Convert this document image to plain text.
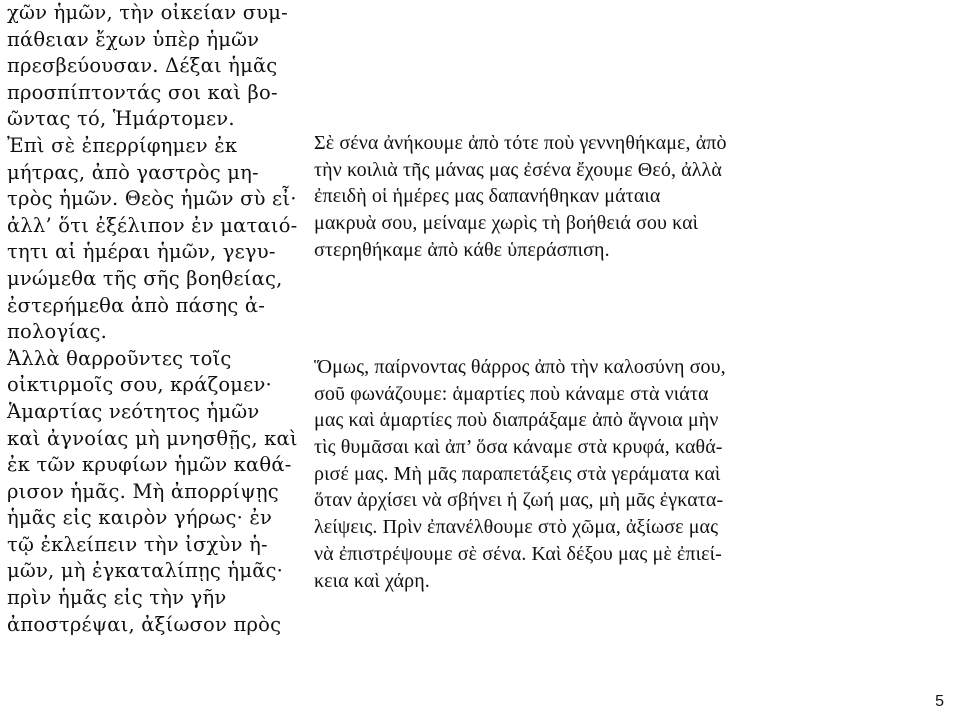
χῶν ἡμῶν, τὴν οἰκείαν συμ-
πάθειαν ἔχων ὑπὲρ ἡμῶν
πρεσβεύουσαν. Δέξαι ἡμᾶς
προσπίπτοντάς σοι καὶ βο-
ῶντας τό, Ἡμάρτομεν.
Ἐπὶ σὲ ἐπερρίφημεν ἐκ
μήτρας, ἀπὸ γαστρὸς μη-
τρὸς ἡμῶν. Θεὸς ἡμῶν σὺ εἶ·
ἀλλ’ ὅτι ἐξέλιπον ἐν ματαιό-
τητι αἱ ἡμέραι ἡμῶν, γεγυ-
μνώμεθα τῆς σῆς βοηθείας,
ἐστερήμεθα ἀπὸ πάσης ἀ-
πολογίας.
Ἀλλὰ θαρροῦντες τοῖς
οἰκτιρμοῖς σου, κράζομεν·
Ἁμαρτίας νεότητος ἡμῶν
καὶ ἀγνοίας μὴ μνησθῇς, καὶ
ἐκ τῶν κρυφίων ἡμῶν καθά-
ρισον ἡμᾶς. Μὴ ἀπορρίψῃς
ἡμᾶς εἰς καιρὸν γήρως· ἐν
τῷ ἐκλείπειν τὴν ἰσχὺν ἡ-
μῶν, μὴ ἐγκαταλίπῃς ἡμᾶς·
πρὶν ἡμᾶς εἰς τὴν γῆν
ἀποστρέψαι, ἀξίωσον πρὸς
Σὲ σένα ἀνήκουμε ἀπὸ τότε ποὺ γεννηθήκαμε, ἀπὸ
τὴν κοιλιὰ τῆς μάνας μας ἐσένα ἔχουμε Θεό, ἀλλὰ
ἐπειδὴ οἱ ἡμέρες μας δαπανήθηκαν μάταια
μακρυὰ σου, μείναμε χωρὶς τὴ βοήθειά σου καὶ
στερηθήκαμε ἀπὸ κάθε ὑπεράσπιση.
Ὅμως, παίρνοντας θάρρος ἀπὸ τὴν καλοσύνη σου,
σοῦ φωνάζουμε: ἁμαρτίες ποὺ κάναμε στὰ νιάτα
μας καὶ ἁμαρτίες ποὺ διαπράξαμε ἀπὸ ἄγνοια μὴν
τὶς θυμᾶσαι καὶ ἀπ’ ὅσα κάναμε στὰ κρυφά, καθά-
ρισέ μας. Μὴ μᾶς παραπετάξεις στὰ γεράματα καὶ
ὅταν ἀρχίσει νὰ σβήνει ἡ ζωή μας, μὴ μᾶς ἐγκατα-
λείψεις. Πρὶν ἐπανέλθουμε στὸ χῶμα, ἀξίωσε μας
νὰ ἐπιστρέψουμε σὲ σένα. Καὶ δέξου μας μὲ ἐπιεί-
κεια καὶ χάρη.
5
